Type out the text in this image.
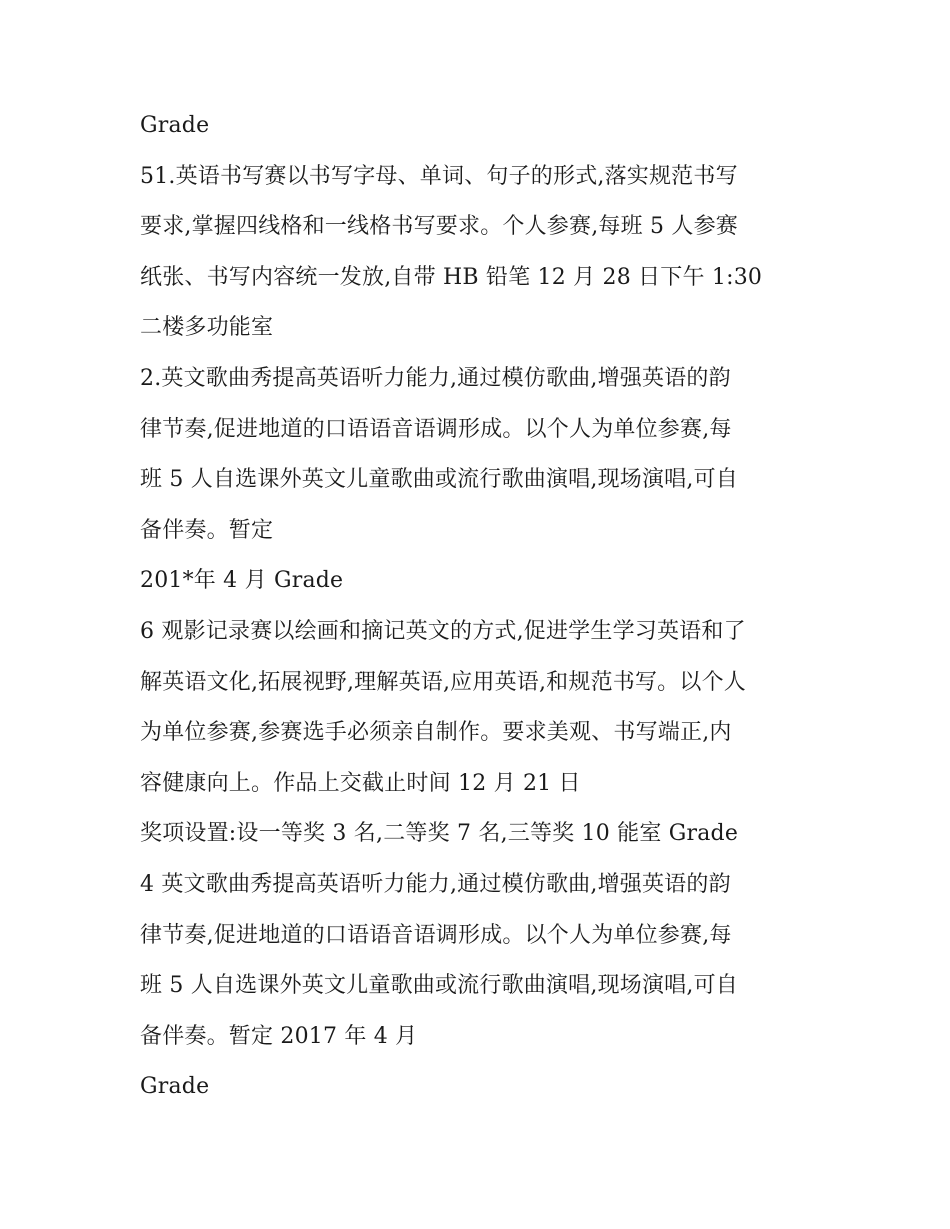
Grade
51.英语书写赛以书写字母、单词、句子的形式,落实规范书写
要求,掌握四线格和一线格书写要求。个人参赛,每班 5 人参赛
纸张、书写内容统一发放,自带 HB 铅笔 12 月 28 日下午 1:30
二楼多功能室
2.英文歌曲秀提高英语听力能力,通过模仿歌曲,增强英语的韵
律节奏,促进地道的口语语音语调形成。以个人为单位参赛,每
班 5 人自选课外英文儿童歌曲或流行歌曲演唱,现场演唱,可自
备伴奏。暂定
201*年 4 月 Grade
6 观影记录赛以绘画和摘记英文的方式,促进学生学习英语和了
解英语文化,拓展视野,理解英语,应用英语,和规范书写。以个人
为单位参赛,参赛选手必须亲自制作。要求美观、书写端正,内
容健康向上。作品上交截止时间 12 月 21 日
奖项设置:设一等奖 3 名,二等奖 7 名,三等奖 10 能室 Grade
4 英文歌曲秀提高英语听力能力,通过模仿歌曲,增强英语的韵
律节奏,促进地道的口语语音语调形成。以个人为单位参赛,每
班 5 人自选课外英文儿童歌曲或流行歌曲演唱,现场演唱,可自
备伴奏。暂定 2017 年 4 月
Grade
